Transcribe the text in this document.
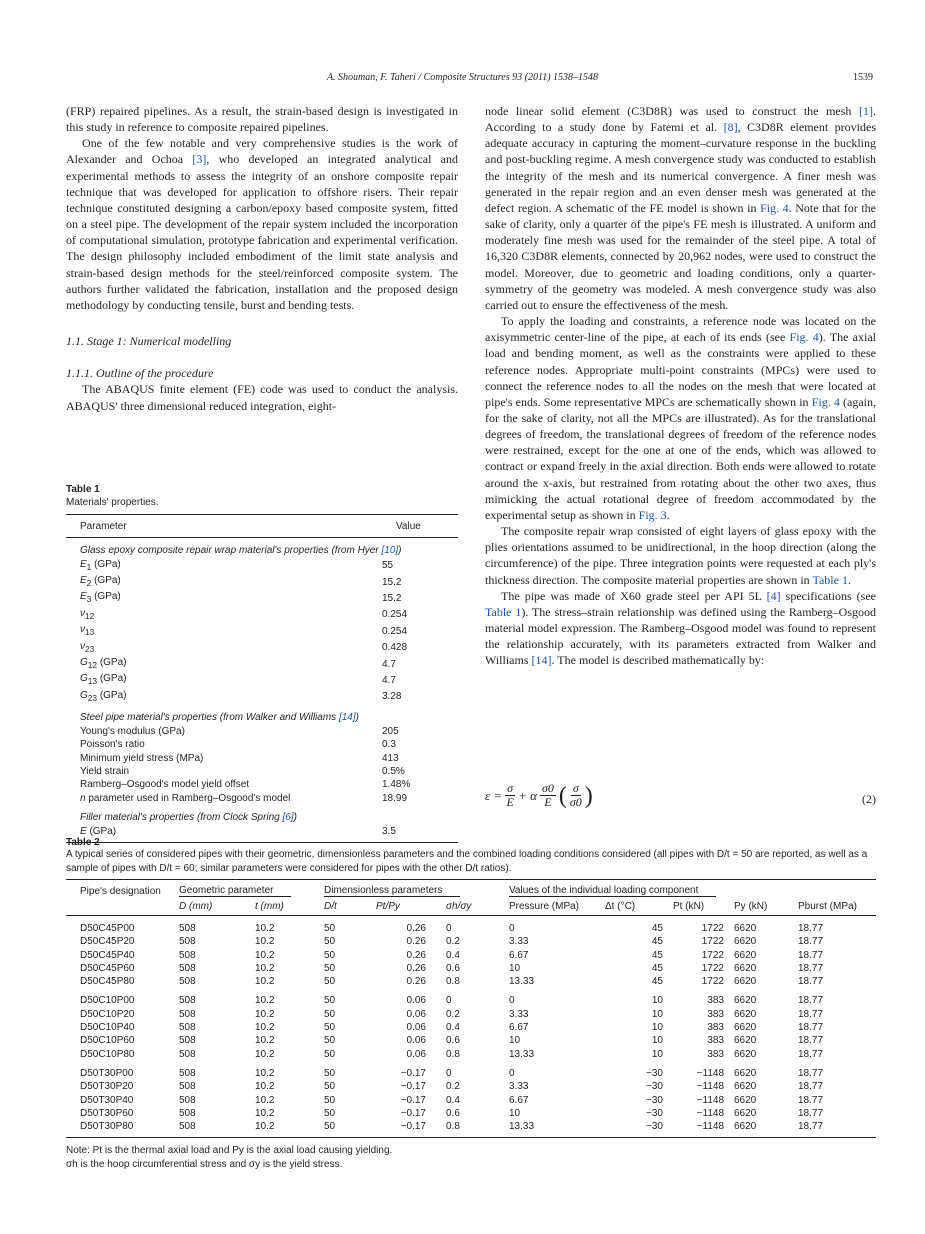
A. Shouman, F. Taheri / Composite Structures 93 (2011) 1538–1548	1539

(FRP) repaired pipelines. As a result, the strain-based design is investigated in this study in reference to composite repaired pipelines.

One of the few notable and very comprehensive studies is the work of Alexander and Ochoa [3], who developed an integrated analytical and experimental methods to assess the integrity of an onshore composite repair technique that was developed for application to offshore risers. Their repair technique constituted designing a carbon/epoxy based composite system, fitted on a steel pipe. The development of the repair system included the incorporation of computational simulation, prototype fabrication and experimental verification. The design philosophy included embodiment of the limit state analysis and strain-based design methods for the steel/reinforced composite system. The authors further validated the fabrication, installation and the proposed design methodology by conducting tensile, burst and bending tests.

1.1. Stage 1: Numerical modelling

1.1.1. Outline of the procedure

The ABAQUS finite element (FE) code was used to conduct the analysis. ABAQUS' three dimensional reduced integration, eight-

Table 1
Materials' properties.
Parameter	Value
Glass epoxy composite repair wrap material's properties (from Hyer [10])	
$E_1$ (GPa)	55
$E_2$ (GPa)	15.2
$E_3$ (GPa)	15.2
$\nu_{12}$	0.254
$\nu_{13}$	0.254
$\nu_{23}$	0.428
$G_{12}$ (GPa)	4.7
$G_{13}$ (GPa)	4.7
$G_{23}$ (GPa)	3.28
Steel pipe material's properties (from Walker and Williams [14])	
Young's modulus (GPa)	205
Poisson's ratio	0.3
Minimum yield stress (MPa)	413
Yield strain	0.5%
Ramberg–Osgood's model yield offset	1.48%
n parameter used in Ramberg–Osgood's model	18.99
Filler material's properties (from Clock Spring [6])	
E (GPa)	3.5

node linear solid element (C3D8R) was used to construct the mesh [1]. According to a study done by Fatemi et al. [8], C3D8R element provides adequate accuracy in capturing the moment–curvature response in the buckling and post-buckling regime. A mesh convergence study was conducted to establish the integrity of the mesh and its numerical convergence. A finer mesh was generated in the repair region and an even denser mesh was generated at the defect region. A schematic of the FE model is shown in Fig. 4. Note that for the sake of clarity, only a quarter of the pipe's FE mesh is illustrated. A uniform and moderately fine mesh was used for the remainder of the steel pipe. A total of 16,320 C3D8R elements, connected by 20,962 nodes, were used to construct the model. Moreover, due to geometric and loading conditions, only a quarter-symmetry of the geometry was modeled. A mesh convergence study was also carried out to ensure the effectiveness of the mesh.

To apply the loading and constraints, a reference node was located on the axisymmetric center-line of the pipe, at each of its ends (see Fig. 4). The axial load and bending moment, as well as the constraints were applied to these reference nodes. Appropriate multi-point constraints (MPCs) were used to connect the reference nodes to all the nodes on the mesh that were located at pipe's ends. Some representative MPCs are schematically shown in Fig. 4 (again, for the sake of clarity, not all the MPCs are illustrated). As for the translational degrees of freedom, the translational degrees of freedom of the reference nodes were restrained, except for the one at one of the ends, which was allowed to contract or expand freely in the axial direction. Both ends were allowed to rotate around the x-axis, but restrained from rotating about the other two axes, thus mimicking the actual rotational degree of freedom accommodated by the experimental setup as shown in Fig. 3.

The composite repair wrap consisted of eight layers of glass epoxy with the plies orientations assumed to be unidirectional, in the hoop direction (along the circumference) of the pipe. Three integration points were requested at each ply's thickness direction. The composite material properties are shown in Table 1.

The pipe was made of X60 grade steel per API 5L [4] specifications (see Table 1). The stress–strain relationship was defined using the Ramberg–Osgood material model expression. The Ramberg–Osgood model was found to represent the relationship accurately, with its parameters extracted from Walker and Williams [14]. The model is described mathematically by:

$\varepsilon = \frac{\sigma}{E} + \alpha \frac{\sigma 0}{E}$ ( $\frac{\sigma}{\sigma 0}$ )	(2)
Table 2
A typical series of considered pipes with their geometric, dimensionless parameters and the combined loading conditions considered (all pipes with D/t = 50 are reported, as well as a sample of pipes with D/t = 60; similar parameters were considered for pipes with the other D/t ratios).
Pipe's designation	Geometric parameter		Dimensionless parameters			Values of the individual loading component				
	D (mm)	t (mm)	D/t	Pt/Py	σh/σy	Pressure (MPa)	Δt (°C)	Pt (kN)	Py (kN)	Pburst (MPa)
D50C45P00	508	10.2	50	0.26	0	0	45	1722	6620	18.77
D50C45P20	508	10.2	50	0.26	0.2	3.33	45	1722	6620	18.77
D50C45P40	508	10.2	50	0.26	0.4	6.67	45	1722	6620	18.77
D50C45P60	508	10.2	50	0.26	0.6	10	45	1722	6620	18.77
D50C45P80	508	10.2	50	0.26	0.8	13.33	45	1722	6620	18.77
D50C10P00	508	10.2	50	0.06	0	0	10	383	6620	18.77
D50C10P20	508	10.2	50	0.06	0.2	3.33	10	383	6620	18.77
D50C10P40	508	10.2	50	0.06	0.4	6.67	10	383	6620	18.77
D50C10P60	508	10.2	50	0.06	0.6	10	10	383	6620	18.77
D50C10P80	508	10.2	50	0.06	0.8	13.33	10	383	6620	18.77
D50T30P00	508	10.2	50	−0.17	0	0	−30	−1148	6620	18.77
D50T30P20	508	10.2	50	−0.17	0.2	3.33	−30	−1148	6620	18.77
D50T30P40	508	10.2	50	−0.17	0.4	6.67	−30	−1148	6620	18.77
D50T30P60	508	10.2	50	−0.17	0.6	10	−30	−1148	6620	18.77
D50T30P80	508	10.2	50	−0.17	0.8	13.33	−30	−1148	6620	18.77
Note: Pt is the thermal axial load and Py is the axial load causing yielding.
σh is the hoop circumferential stress and σy is the yield stress.
